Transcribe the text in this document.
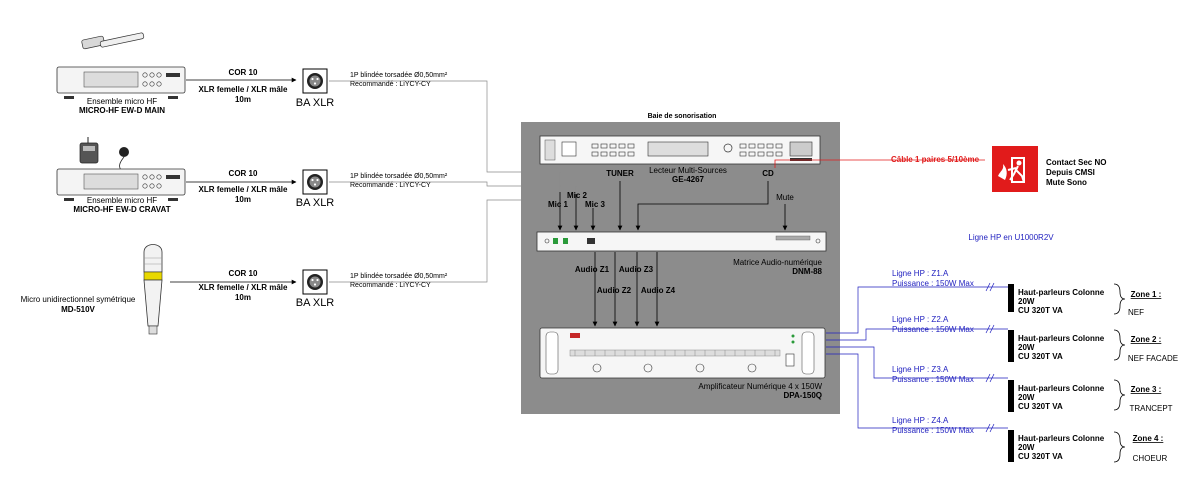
Baie de sonorisation
Ensemble micro HF
MICRO-HF EW-D MAIN
Ensemble micro HF
MICRO-HF EW-D CRAVAT
Micro unidirectionnel symétrique
MD-510V
COR 10
XLR femelle / XLR mâle
10m
COR 10
XLR femelle / XLR mâle
10m
COR 10
XLR femelle / XLR mâle
10m
BA XLR
BA XLR
BA XLR
1P blindée torsadée Ø0,50mm²
Recommandé : LiYCY-CY
1P blindée torsadée Ø0,50mm²
Recommandé : LiYCY-CY
1P blindée torsadée Ø0,50mm²
Recommandé : LiYCY-CY
Lecteur Multi-Sources
GE-4267
TUNER	CD
Matrice Audio-numérique
DNM-88
Mic 1
Mic 2
Mic 3
Mute
Audio Z1
Audio Z2
Audio Z3
Audio Z4
Amplificateur Numérique 4 x 150W
DPA-150Q
Câble 1 paires 5/10ème	Contact Sec NO
Depuis CMSI
Mute Sono
Ligne HP en U1000R2V
Ligne HP : Z1.A
Puissance : 150W Max
Ligne HP : Z2.A
Puissance : 150W Max
Ligne HP : Z3.A
Puissance : 150W Max
Ligne HP : Z4.A
Puissance : 150W Max
Haut-parleurs Colonne
20W
CU 320T VA
Zone 1 :
NEF
Haut-parleurs Colonne
20W
CU 320T VA
Zone 2 :
NEF FACADE
Haut-parleurs Colonne
20W
CU 320T VA
Zone 3 :
TRANCEPT
Haut-parleurs Colonne
20W
CU 320T VA
Zone 4 :
CHOEUR
